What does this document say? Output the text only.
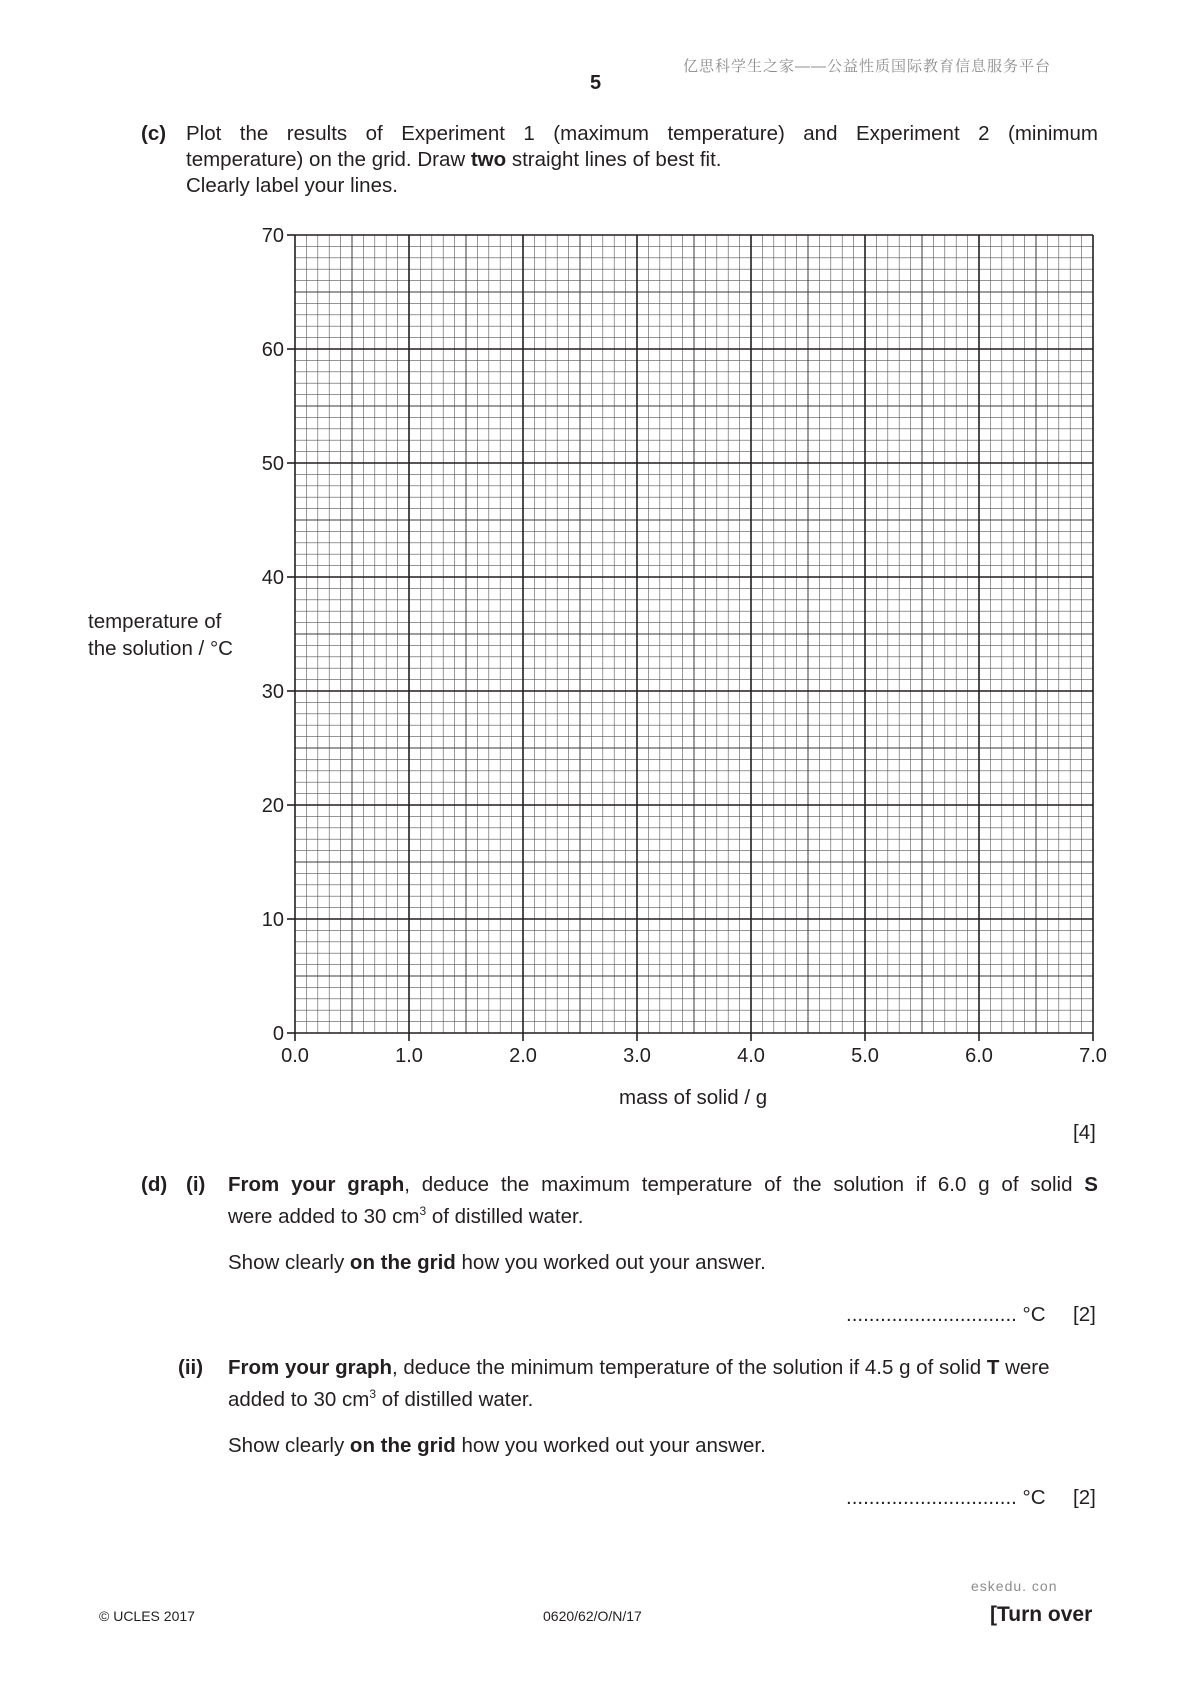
亿思科学生之家——公益性质国际教育信息服务平台
5
(c) Plot the results of Experiment 1 (maximum temperature) and Experiment 2 (minimum
temperature) on the grid. Draw two straight lines of best fit.
Clearly label your lines.
temperature of
the solution / °C
0.0	1.0	2.0	3.0	4.0	5.0	6.0	7.0
0
10
20
30
40
50
60
70
mass of solid / g
[4]
(d) (i) From your graph, deduce the maximum temperature of the solution if 6.0 g of solid S
were added to 30 $cm^3$ of distilled water.
Show clearly on the grid how you worked out your answer.
.............................. °C [2]
(ii) From your graph, deduce the minimum temperature of the solution if 4.5 g of solid T were
added to 30 $cm^3$ of distilled water.
Show clearly on the grid how you worked out your answer.
.............................. °C [2]
eskedu. con
© UCLES 2017	0620/62/O/N/17	[Turn over
